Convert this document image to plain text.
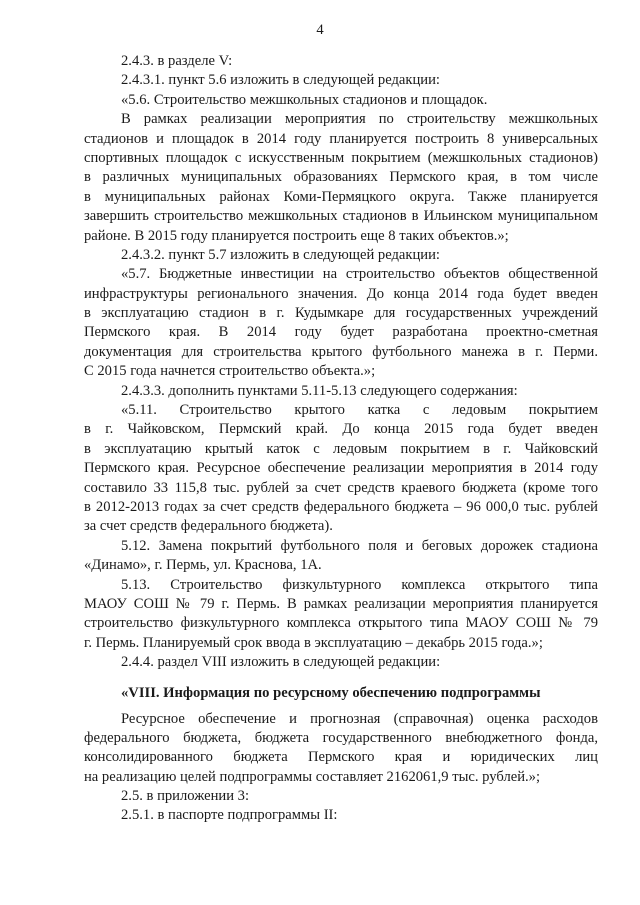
4
2.4.3. в разделе V:
2.4.3.1. пункт 5.6 изложить в следующей редакции:
«5.6. Строительство межшкольных стадионов и площадок.
В рамках реализации мероприятия по строительству межшкольных
стадионов и площадок в 2014 году планируется построить 8 универсальных
спортивных площадок с искусственным покрытием (межшкольных стадионов)
в различных муниципальных образованиях Пермского края, в том числе
в муниципальных районах Коми-Пермяцкого округа. Также планируется
завершить строительство межшкольных стадионов в Ильинском муниципальном
районе. В 2015 году планируется построить еще 8 таких объектов.»;
2.4.3.2. пункт 5.7 изложить в следующей редакции:
«5.7. Бюджетные инвестиции на строительство объектов общественной
инфраструктуры регионального значения. До конца 2014 года будет введен
в эксплуатацию стадион в г. Кудымкаре для государственных учреждений
Пермского края. В 2014 году будет разработана проектно-сметная
документация для строительства крытого футбольного манежа в г. Перми.
С 2015 года начнется строительство объекта.»;
2.4.3.3. дополнить пунктами 5.11-5.13 следующего содержания:
«5.11. Строительство крытого катка с ледовым покрытием
в г. Чайковском, Пермский край. До конца 2015 года будет введен
в эксплуатацию крытый каток с ледовым покрытием в г. Чайковский
Пермского края. Ресурсное обеспечение реализации мероприятия в 2014 году
составило 33 115,8 тыс. рублей за счет средств краевого бюджета (кроме того
в 2012-2013 годах за счет средств федерального бюджета – 96 000,0 тыс. рублей
за счет средств федерального бюджета).
5.12. Замена покрытий футбольного поля и беговых дорожек стадиона
«Динамо», г. Пермь, ул. Краснова, 1А.
5.13. Строительство физкультурного комплекса открытого типа
МАОУ СОШ № 79 г. Пермь. В рамках реализации мероприятия планируется
строительство физкультурного комплекса открытого типа МАОУ СОШ № 79
г. Пермь. Планируемый срок ввода в эксплуатацию – декабрь 2015 года.»;
2.4.4. раздел VIII изложить в следующей редакции:
«VIII. Информация по ресурсному обеспечению подпрограммы
Ресурсное обеспечение и прогнозная (справочная) оценка расходов
федерального бюджета, бюджета государственного внебюджетного фонда,
консолидированного бюджета Пермского края и юридических лиц
на реализацию целей подпрограммы составляет 2162061,9 тыс. рублей.»;
2.5. в приложении 3:
2.5.1. в паспорте подпрограммы II:
